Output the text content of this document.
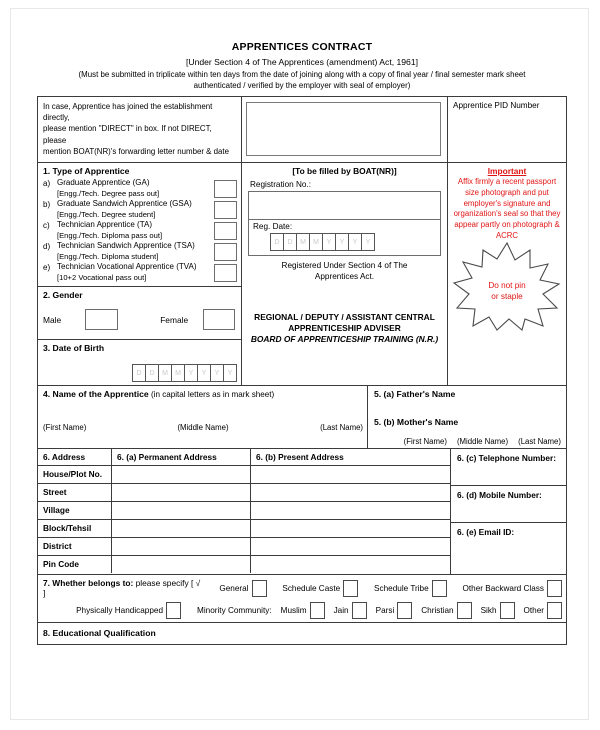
APPRENTICES CONTRACT
[Under Section 4 of The Apprentices (amendment) Act, 1961]
(Must be submitted in triplicate within ten days from the date of joining along with a copy of final year / final semester mark sheet
authenticated / verified by the employer with seal of employer)
In case, Apprentice has joined the establishment directly,
please mention "DIRECT" in box. If not DIRECT, please
mention BOAT(NR)'s forwarding letter number & date
Apprentice PID Number
1. Type of Apprentice
a) Graduate Apprentice (GA)
[Engg./Tech. Degree pass out]
b) Graduate Sandwich Apprentice (GSA)
[Engg./Tech. Degree student]
c) Technician Apprentice (TA)
[Engg./Tech. Diploma pass out]
d) Technician Sandwich Apprentice (TSA)
[Engg./Tech. Diploma student]
e) Technician Vocational Apprentice (TVA)
[10+2 Vocational pass out]
2. Gender
Male	Female
3. Date of Birth
D	D	M	M	Y	Y	Y	Y
[To be filled by BOAT(NR)]
Registration No.:
Reg. Date:
D	D	M	M	Y	Y	Y	Y
Registered Under Section 4 of The
Apprentices Act.
REGIONAL / DEPUTY / ASSISTANT CENTRAL
APPRENTICESHIP ADVISER
BOARD OF APPRENTICESHIP TRAINING (N.R.)
Important
Affix firmly a recent passport size photograph and put employer's signature and organization's seal so that they appear partly on photograph & ACRC
Do not pin
or staple
4. Name of the Apprentice (in capital letters as in mark sheet)
(First Name)	(Middle Name)	(Last Name)
5. (a) Father's Name
5. (b) Mother's Name
(First Name) (Middle Name) (Last Name)
6. Address	6. (a) Permanent Address	6. (b) Present Address
House/Plot No.
Street
Village
Block/Tehsil
District
Pin Code
6. (c) Telephone Number:
6. (d) Mobile Number:
6. (e) Email ID:
7. Whether belongs to: please specify [ √ ]	General	Schedule Caste	Schedule Tribe	Other Backward Class
Physically Handicapped	Minority Community: Muslim	Jain	Parsi	Christian	Sikh	Other
8. Educational Qualification
